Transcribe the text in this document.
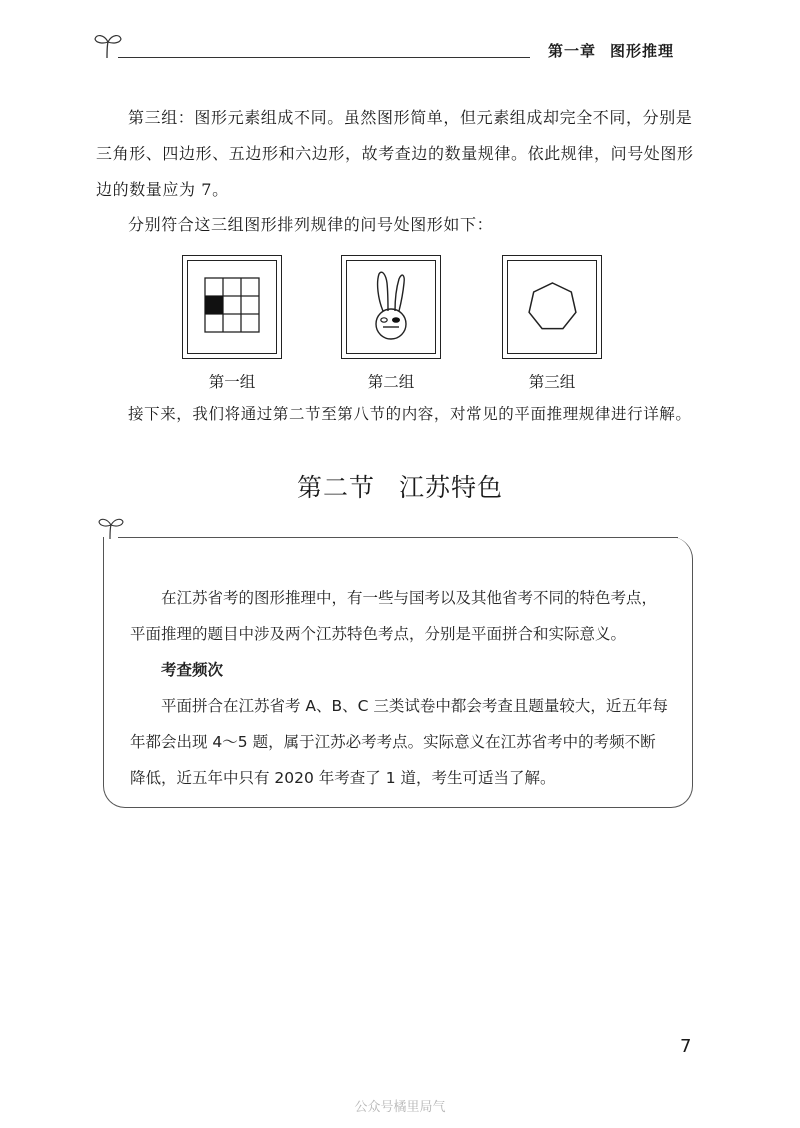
第一章 图形推理
第三组：图形元素组成不同。虽然图形简单，但元素组成却完全不同，分别是三角形、四边形、五边形和六边形，故考查边的数量规律。依此规律，问号处图形边的数量应为 7。
分别符合这三组图形排列规律的问号处图形如下：
第一组	第二组	第三组
接下来，我们将通过第二节至第八节的内容，对常见的平面推理规律进行详解。
第二节 江苏特色
在江苏省考的图形推理中，有一些与国考以及其他省考不同的特色考点，平面推理的题目中涉及两个江苏特色考点，分别是平面拼合和实际意义。
考查频次
平面拼合在江苏省考 A、B、C 三类试卷中都会考查且题量较大，近五年每年都会出现 4～5 题，属于江苏必考考点。实际意义在江苏省考中的考频不断降低，近五年中只有 2020 年考查了 1 道，考生可适当了解。
7
公众号橘里局气
